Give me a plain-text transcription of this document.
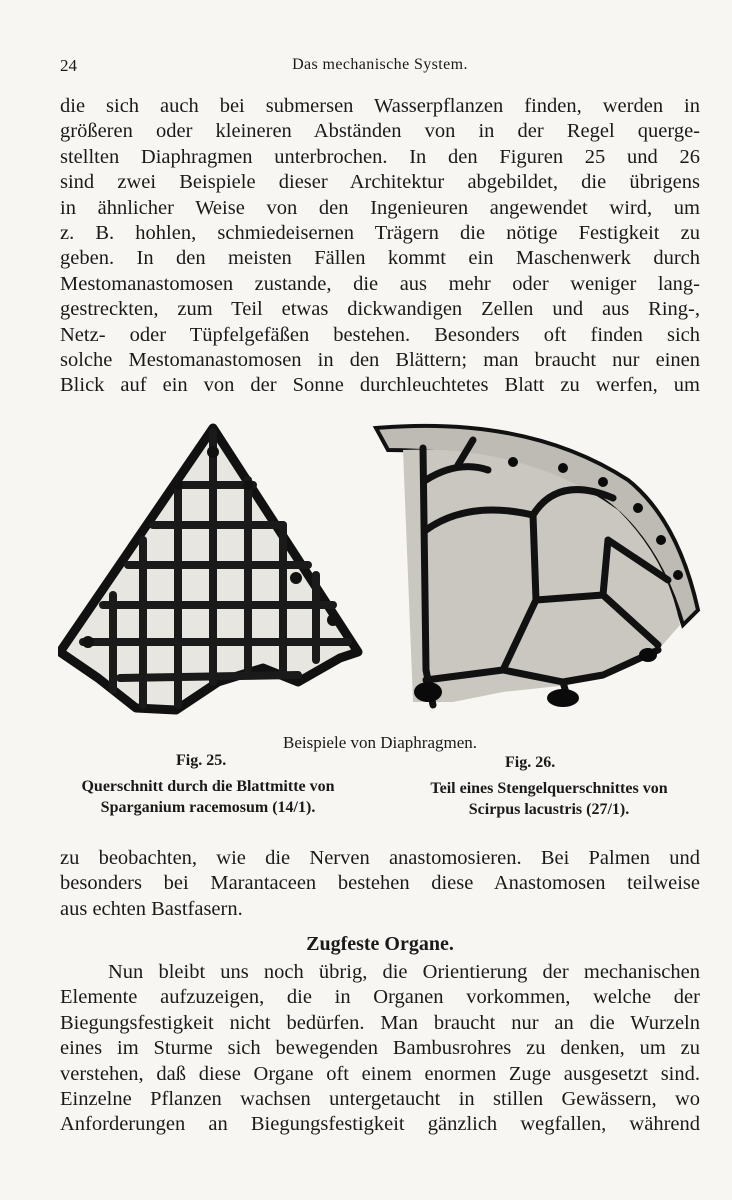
24	Das mechanische System.
die sich auch bei submersen Wasserpflanzen finden, werden in
größeren oder kleineren Abständen von in der Regel querge-
stellten Diaphragmen unterbrochen. In den Figuren 25 und 26
sind zwei Beispiele dieser Architektur abgebildet, die übrigens
in ähnlicher Weise von den Ingenieuren angewendet wird, um
z. B. hohlen, schmiedeisernen Trägern die nötige Festigkeit zu
geben. In den meisten Fällen kommt ein Maschenwerk durch
Mestomanastomosen zustande, die aus mehr oder weniger lang-
gestreckten, zum Teil etwas dickwandigen Zellen und aus Ring-,
Netz- oder Tüpfelgefäßen bestehen. Besonders oft finden sich
solche Mestomanastomosen in den Blättern; man braucht nur einen
Blick auf ein von der Sonne durchleuchtetes Blatt zu werfen, um
Beispiele von Diaphragmen.
Fig. 25.	Fig. 26.
Querschnitt durch die Blattmitte von
Sparganium racemosum (14/1).
Teil eines Stengelquerschnittes von
Scirpus lacustris (27/1).
zu beobachten, wie die Nerven anastomosieren. Bei Palmen und
besonders bei Marantaceen bestehen diese Anastomosen teilweise
aus echten Bastfasern.
Zugfeste Organe.
Nun bleibt uns noch übrig, die Orientierung der mechanischen
Elemente aufzuzeigen, die in Organen vorkommen, welche der
Biegungsfestigkeit nicht bedürfen. Man braucht nur an die Wurzeln
eines im Sturme sich bewegenden Bambusrohres zu denken, um zu
verstehen, daß diese Organe oft einem enormen Zuge ausgesetzt sind.
Einzelne Pflanzen wachsen untergetaucht in stillen Gewässern, wo
Anforderungen an Biegungsfestigkeit gänzlich wegfallen, während
